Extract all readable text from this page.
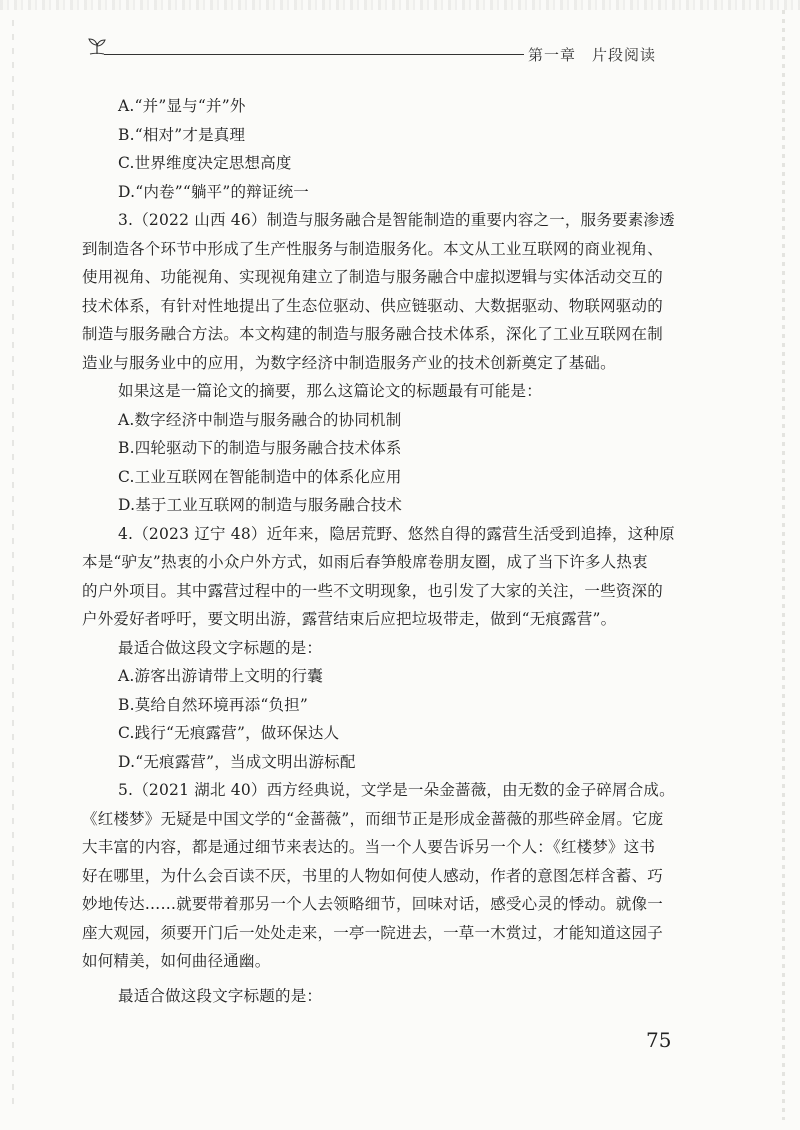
第一章　片段阅读
A.“并”显与“并”外
B.“相对”才是真理
C.世界维度决定思想高度
D.“内卷”“躺平”的辩证统一
3.（2022 山西 46）制造与服务融合是智能制造的重要内容之一，服务要素渗透
到制造各个环节中形成了生产性服务与制造服务化。本文从工业互联网的商业视角、
使用视角、功能视角、实现视角建立了制造与服务融合中虚拟逻辑与实体活动交互的
技术体系，有针对性地提出了生态位驱动、供应链驱动、大数据驱动、物联网驱动的
制造与服务融合方法。本文构建的制造与服务融合技术体系，深化了工业互联网在制
造业与服务业中的应用，为数字经济中制造服务产业的技术创新奠定了基础。
如果这是一篇论文的摘要，那么这篇论文的标题最有可能是：
A.数字经济中制造与服务融合的协同机制
B.四轮驱动下的制造与服务融合技术体系
C.工业互联网在智能制造中的体系化应用
D.基于工业互联网的制造与服务融合技术
4.（2023 辽宁 48）近年来，隐居荒野、悠然自得的露营生活受到追捧，这种原
本是“驴友”热衷的小众户外方式，如雨后春笋般席卷朋友圈，成了当下许多人热衷
的户外项目。其中露营过程中的一些不文明现象，也引发了大家的关注，一些资深的
户外爱好者呼吁，要文明出游，露营结束后应把垃圾带走，做到“无痕露营”。
最适合做这段文字标题的是：
A.游客出游请带上文明的行囊
B.莫给自然环境再添“负担”
C.践行“无痕露营”，做环保达人
D.“无痕露营”，当成文明出游标配
5.（2021 湖北 40）西方经典说，文学是一朵金蔷薇，由无数的金子碎屑合成。
《红楼梦》无疑是中国文学的“金蔷薇”，而细节正是形成金蔷薇的那些碎金屑。它庞
大丰富的内容，都是通过细节来表达的。当一个人要告诉另一个人：《红楼梦》这书
好在哪里，为什么会百读不厌，书里的人物如何使人感动，作者的意图怎样含蓄、巧
妙地传达……就要带着那另一个人去领略细节，回味对话，感受心灵的悸动。就像一
座大观园，须要开门后一处处走来，一亭一院进去，一草一木赏过，才能知道这园子
如何精美，如何曲径通幽。
最适合做这段文字标题的是：
75
